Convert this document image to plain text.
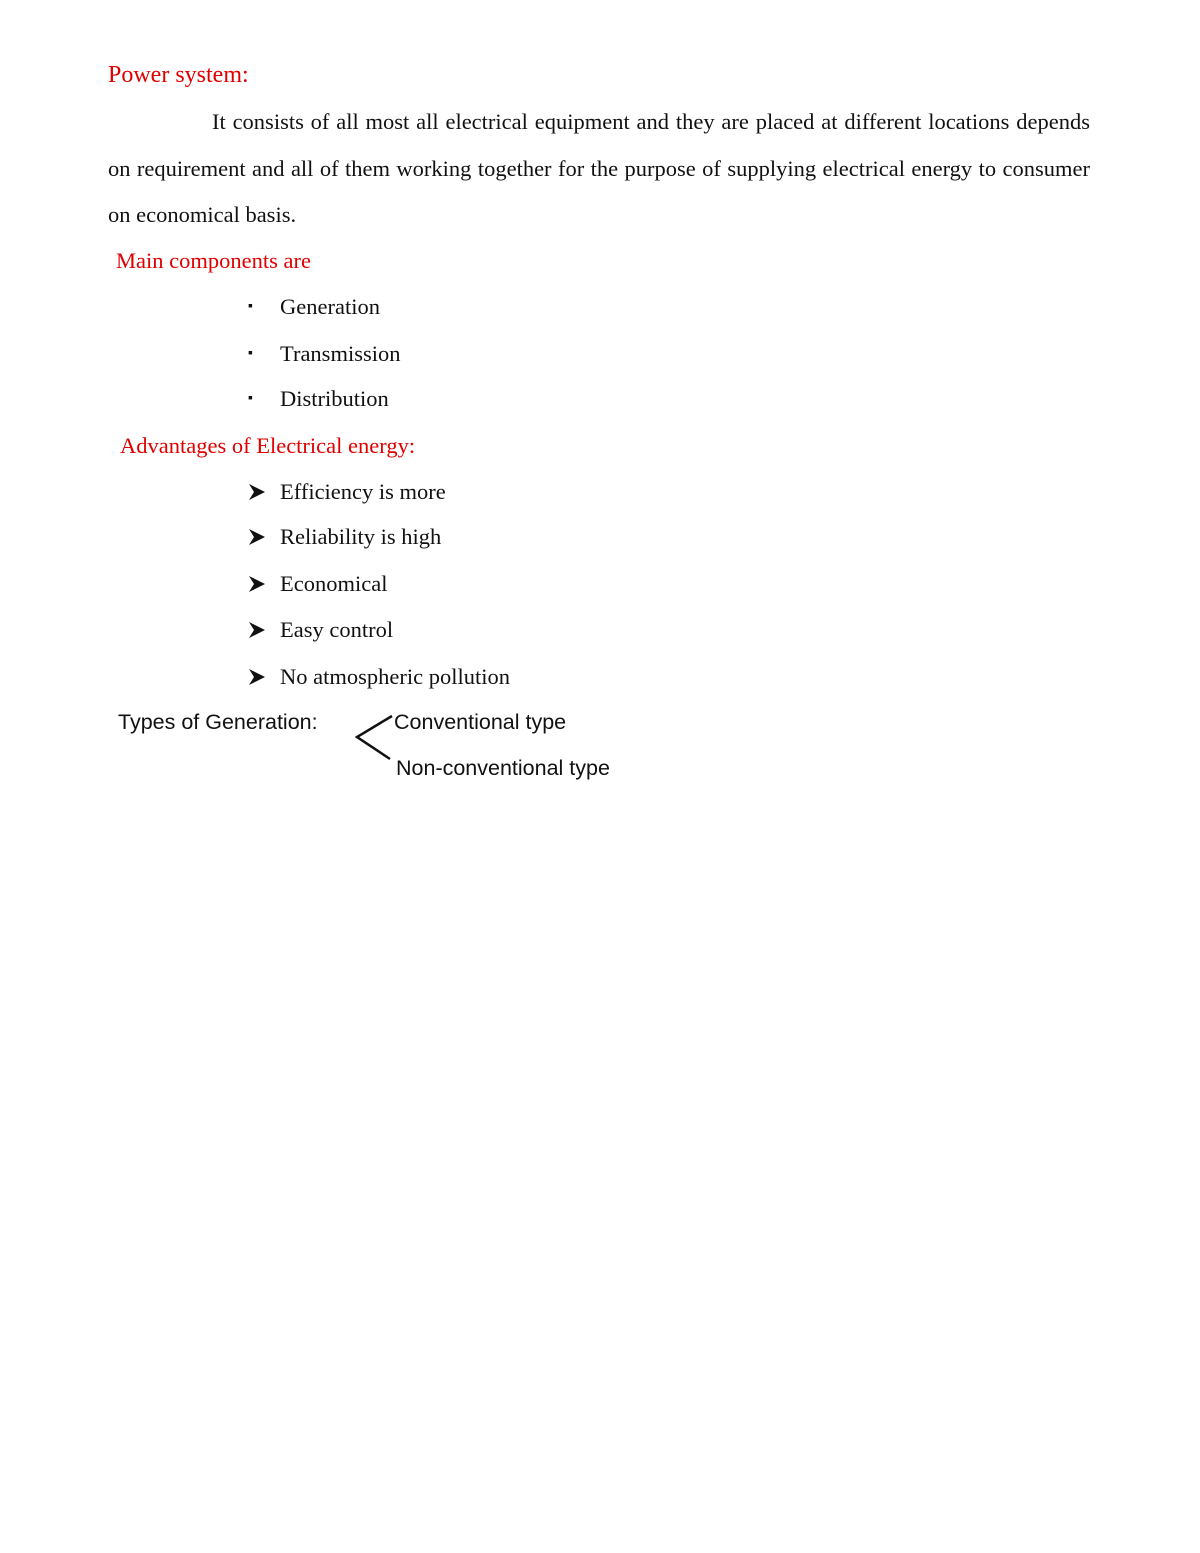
Power system:
It consists of all most all electrical equipment and they are placed at different locations depends on requirement and all of them working together for the purpose of supplying electrical energy to consumer on economical basis.
Main components are
▪ Generation
▪ Transmission
▪ Distribution
Advantages of Electrical energy:
Efficiency is more
Reliability is high
Economical
Easy control
No atmospheric pollution
Types of Generation:	Conventional type
Non-conventional type
